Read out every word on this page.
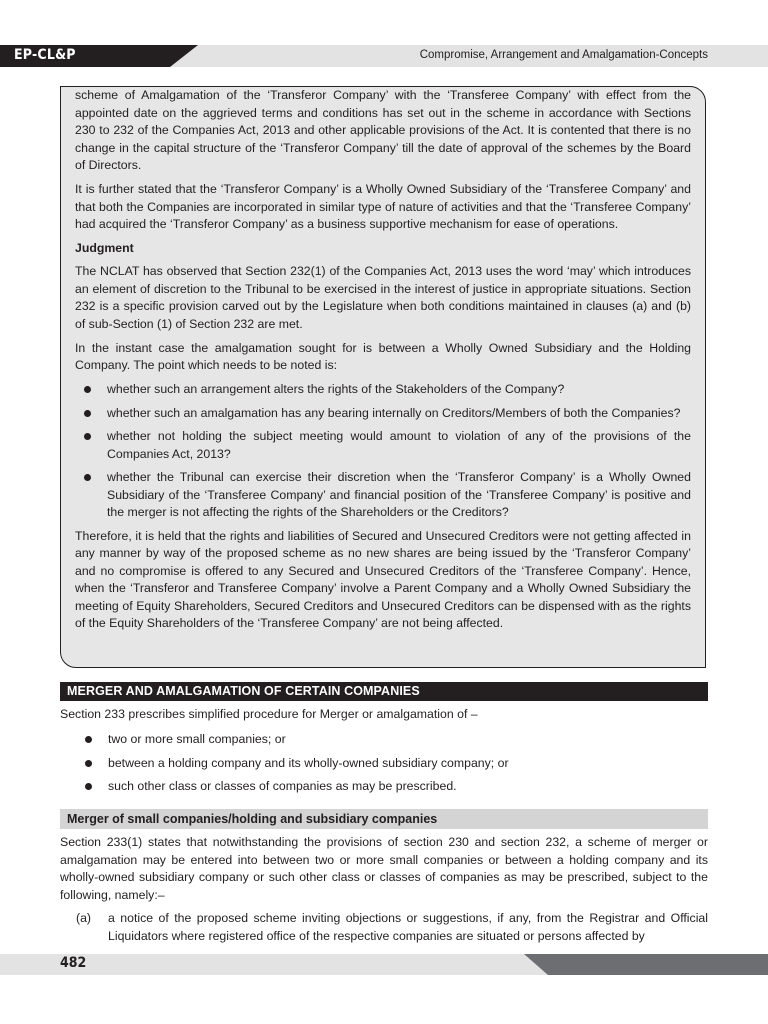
EP-CL&P	Compromise, Arrangement and Amalgamation-Concepts

scheme of Amalgamation of the ‘Transferor Company’ with the ‘Transferee Company’ with effect from the appointed date on the aggrieved terms and conditions has set out in the scheme in accordance with Sections 230 to 232 of the Companies Act, 2013 and other applicable provisions of the Act. It is contented that there is no change in the capital structure of the ‘Transferor Company’ till the date of approval of the schemes by the Board of Directors.

It is further stated that the ‘Transferor Company’ is a Wholly Owned Subsidiary of the ‘Transferee Company’ and that both the Companies are incorporated in similar type of nature of activities and that the ‘Transferee Company’ had acquired the ‘Transferor Company’ as a business supportive mechanism for ease of operations.

Judgment

The NCLAT has observed that Section 232(1) of the Companies Act, 2013 uses the word ‘may’ which introduces an element of discretion to the Tribunal to be exercised in the interest of justice in appropriate situations. Section 232 is a specific provision carved out by the Legislature when both conditions maintained in clauses (a) and (b) of sub-Section (1) of Section 232 are met.

In the instant case the amalgamation sought for is between a Wholly Owned Subsidiary and the Holding Company. The point which needs to be noted is:

whether such an arrangement alters the rights of the Stakeholders of the Company?
whether such an amalgamation has any bearing internally on Creditors/Members of both the Companies?
whether not holding the subject meeting would amount to violation of any of the provisions of the Companies Act, 2013?
whether the Tribunal can exercise their discretion when the ‘Transferor Company’ is a Wholly Owned Subsidiary of the ‘Transferee Company’ and financial position of the ‘Transferee Company’ is positive and the merger is not affecting the rights of the Shareholders or the Creditors?

Therefore, it is held that the rights and liabilities of Secured and Unsecured Creditors were not getting affected in any manner by way of the proposed scheme as no new shares are being issued by the ‘Transferor Company’ and no compromise is offered to any Secured and Unsecured Creditors of the ‘Transferee Company’. Hence, when the ‘Transferor and Transferee Company’ involve a Parent Company and a Wholly Owned Subsidiary the meeting of Equity Shareholders, Secured Creditors and Unsecured Creditors can be dispensed with as the rights of the Equity Shareholders of the ‘Transferee Company’ are not being affected.

MERGER AND AMALGAMATION OF CERTAIN COMPANIES

Section 233 prescribes simplified procedure for Merger or amalgamation of –

two or more small companies; or
between a holding company and its wholly-owned subsidiary company; or
such other class or classes of companies as may be prescribed.
Merger of small companies/holding and subsidiary companies

Section 233(1) states that notwithstanding the provisions of section 230 and section 232, a scheme of merger or amalgamation may be entered into between two or more small companies or between a holding company and its wholly-owned subsidiary company or such other class or classes of companies as may be prescribed, subject to the following, namely:–

(a) a notice of the proposed scheme inviting objections or suggestions, if any, from the Registrar and Official Liquidators where registered office of the respective companies are situated or persons affected by
482
